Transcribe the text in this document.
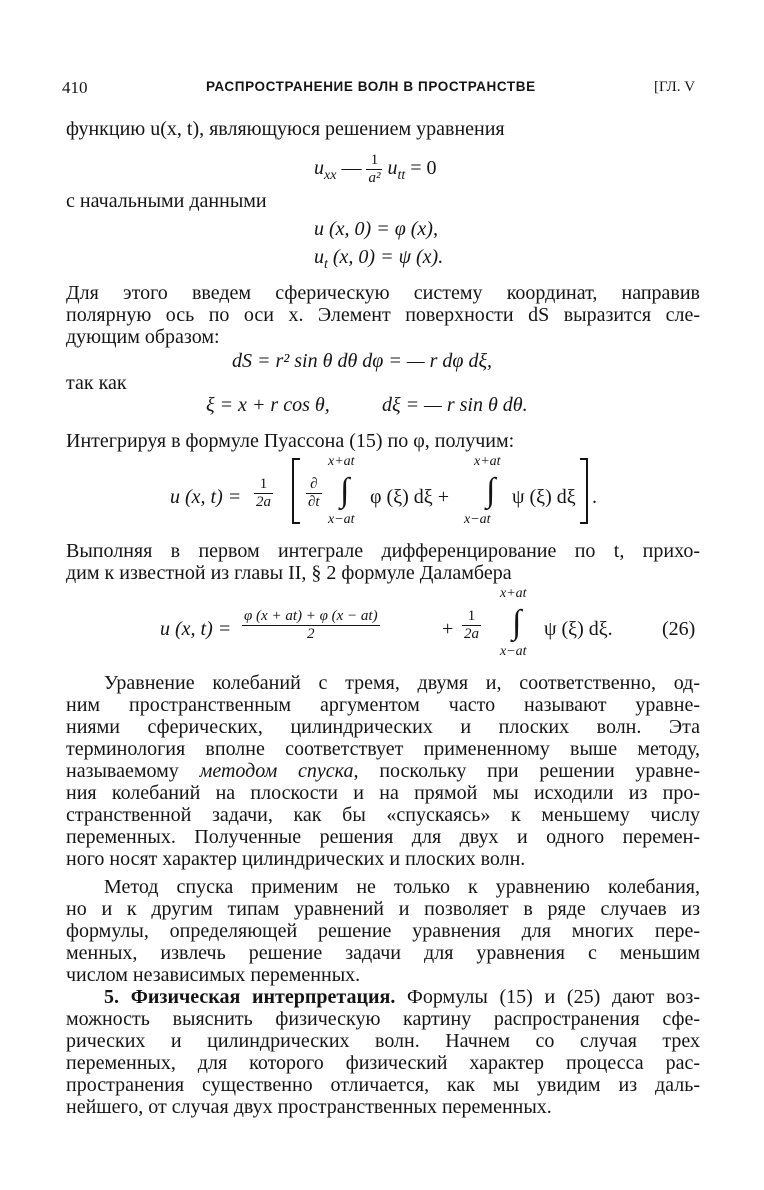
410	РАСПРОСТРАНЕНИЕ ВОЛН В ПРОСТРАНСТВЕ	[ГЛ. V
функцию u(x, t), являющуюся решением уравнения
$u_{xx}$ — $\frac{1}{\text{a²}} u_{tt} = 0$
с начальными данными
u (x, 0) = φ (x),
$u_t$ (x, 0) = ψ (x).
Для этого введем сферическую систему координат, направив
полярную ось по оси x. Элемент поверхности dS выразится сле-
дующим образом:
dS = r² sin θ dθ dφ = — r dφ dξ,
так как
ξ = x + r cos θ,	dξ = — r sin θ dθ.
Интегрируя в формуле Пуассона (15) по φ, получим:
u (x, $t) = \frac{1}{2a}$ ∂
∂t
x+at
∫
x−at
φ (ξ) dξ +
x+at
∫
x−at
ψ (ξ) dξ .
Выполняя в первом интеграле дифференцирование по t, прихо-
дим к известной из главы II, § 2 формуле Даламбера
u (x, $t) = \frac{\varphi (x + at) + \varphi (x - at)}{2}$	+ $\frac{1}{2a}$
x+at
∫
x−at
ψ (ξ) dξ. (26)
Уравнение колебаний с тремя, двумя и, соответственно, од-
ним пространственным аргументом часто называют уравне-
ниями сферических, цилиндрических и плоских волн. Эта
терминология вполне соответствует примененному выше методу,
называемому методом спуска, поскольку при решении уравне-
ния колебаний на плоскости и на прямой мы исходили из про-
странственной задачи, как бы «спускаясь» к меньшему числу
переменных. Полученные решения для двух и одного перемен-
ного носят характер цилиндрических и плоских волн.
Метод спуска применим не только к уравнению колебания,
но и к другим типам уравнений и позволяет в ряде случаев из
формулы, определяющей решение уравнения для многих пере-
менных, извлечь решение задачи для уравнения с меньшим
числом независимых переменных.
5. Физическая интерпретация. Формулы (15) и (25) дают воз-
можность выяснить физическую картину распространения сфе-
рических и цилиндрических волн. Начнем со случая трех
переменных, для которого физический характер процесса рас-
пространения существенно отличается, как мы увидим из даль-
нейшего, от случая двух пространственных переменных.
